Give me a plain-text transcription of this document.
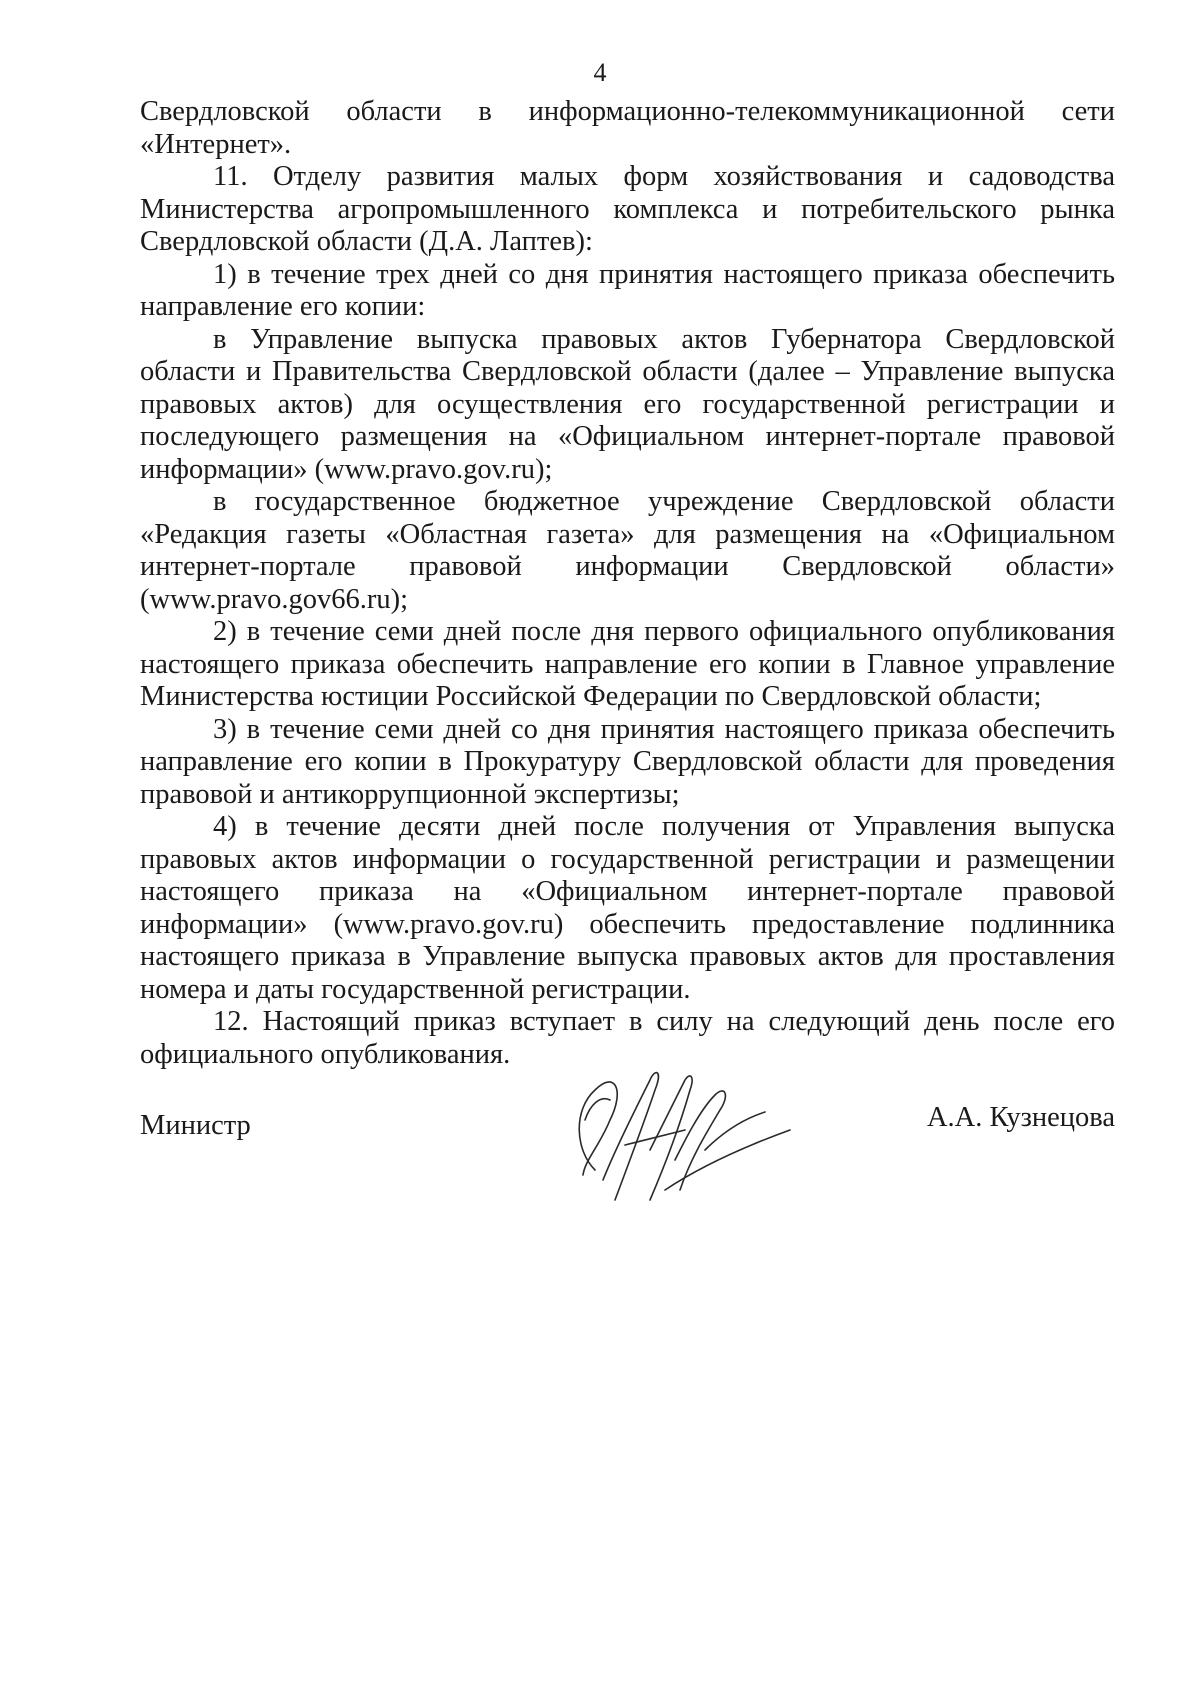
4

Свердловской области в информационно-телекоммуникационной сети «Интернет».

11. Отделу развития малых форм хозяйствования и садоводства Министерства агропромышленного комплекса и потребительского рынка Свердловской области (Д.А. Лаптев):

1) в течение трех дней со дня принятия настоящего приказа обеспечить направление его копии:

в Управление выпуска правовых актов Губернатора Свердловской области и Правительства Свердловской области (далее – Управление выпуска правовых актов) для осуществления его государственной регистрации и последующего размещения на «Официальном интернет-портале правовой информации» (www.pravo.gov.ru);

в государственное бюджетное учреждение Свердловской области «Редакция газеты «Областная газета» для размещения на «Официальном интернет-портале правовой информации Свердловской области» (www.pravo.gov66.ru);

2) в течение семи дней после дня первого официального опубликования настоящего приказа обеспечить направление его копии в Главное управление Министерства юстиции Российской Федерации по Свердловской области;

3) в течение семи дней со дня принятия настоящего приказа обеспечить направление его копии в Прокуратуру Свердловской области для проведения правовой и антикоррупционной экспертизы;

4) в течение десяти дней после получения от Управления выпуска правовых актов информации о государственной регистрации и размещении настоящего приказа на «Официальном интернет-портале правовой информации» (www.pravo.gov.ru) обеспечить предоставление подлинника настоящего приказа в Управление выпуска правовых актов для проставления номера и даты государственной регистрации.

12. Настоящий приказ вступает в силу на следующий день после его официального опубликования.

Министр	А.А. Кузнецова
